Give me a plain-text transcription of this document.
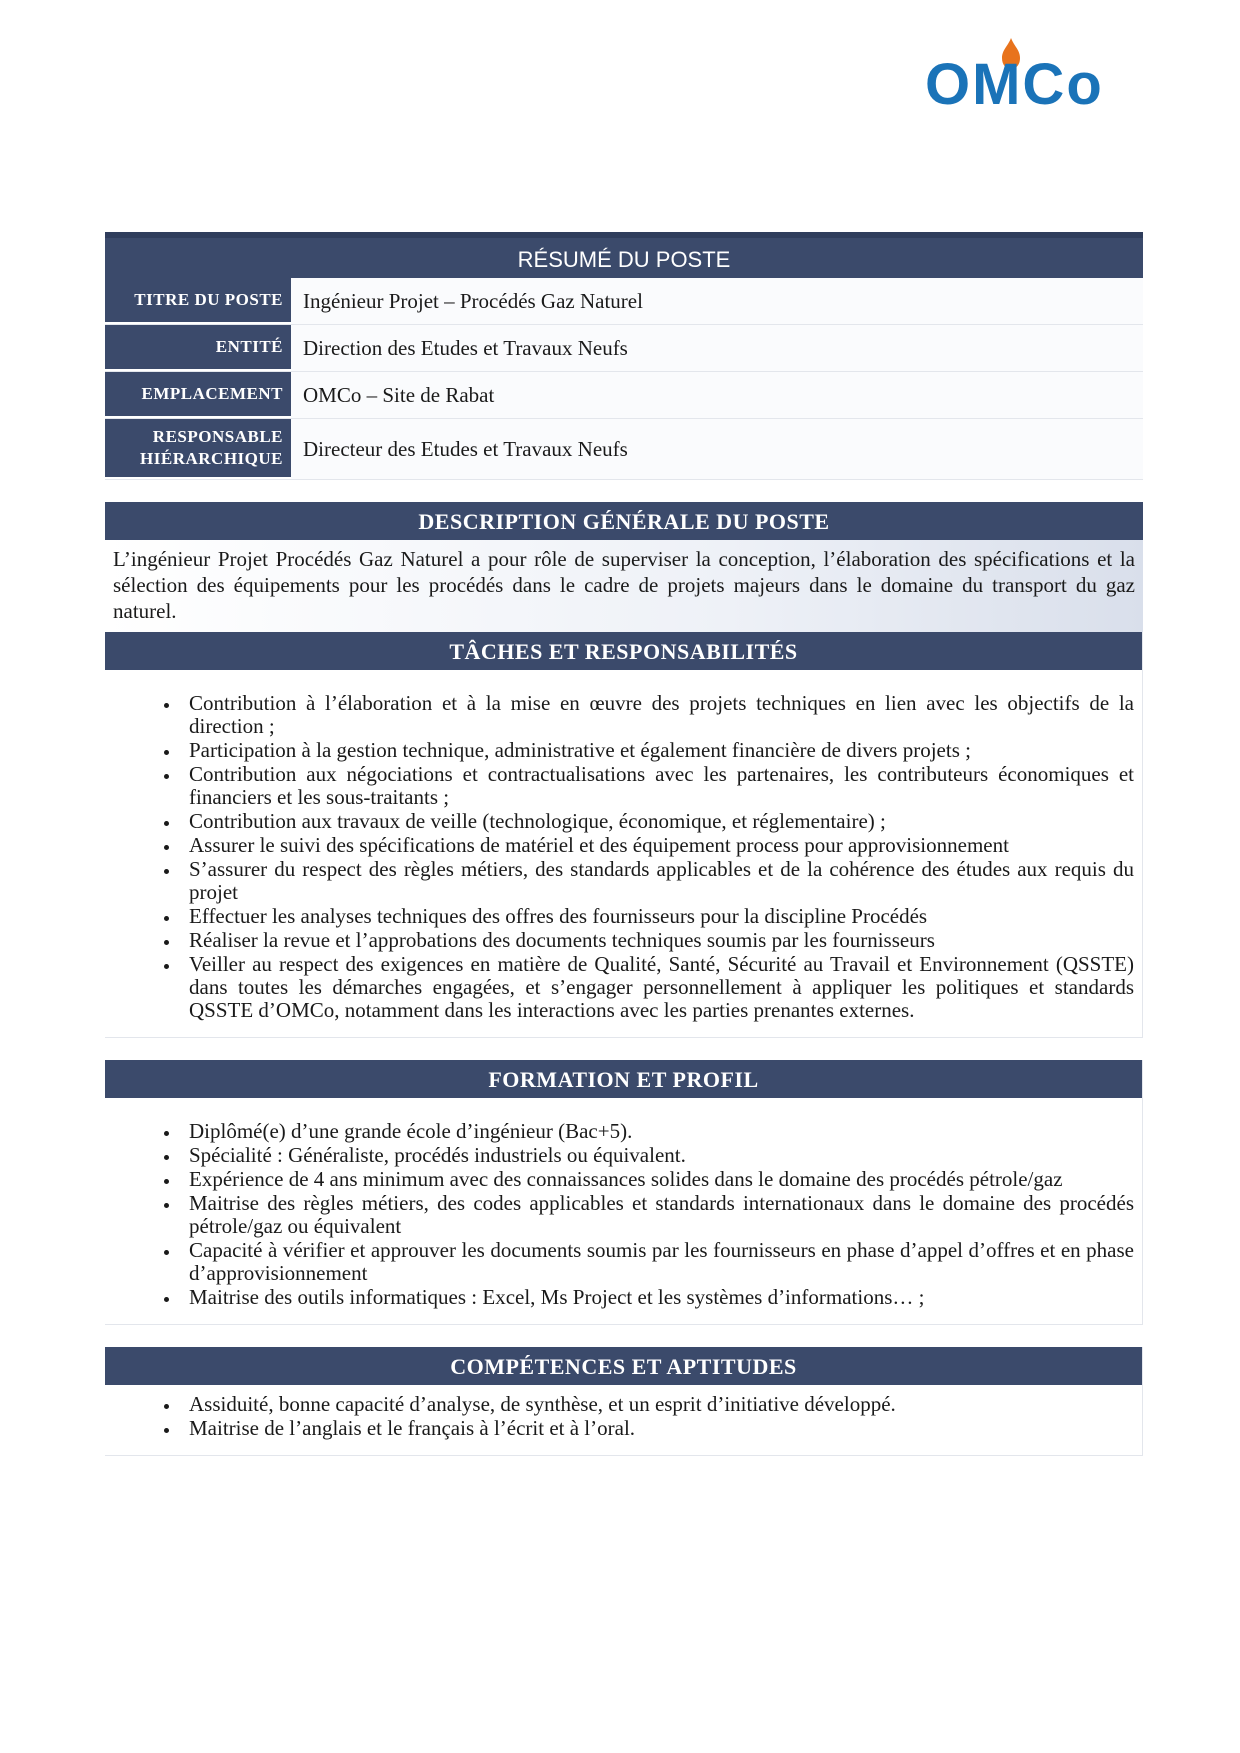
OMCo
RÉSUMÉ DU POSTE
TITRE DU POSTE Ingénieur Projet – Procédés Gaz Naturel
ENTITÉ Direction des Etudes et Travaux Neufs
EMPLACEMENT OMCo – Site de Rabat
RESPONSABLE HIÉRARCHIQUE Directeur des Etudes et Travaux Neufs
DESCRIPTION GÉNÉRALE DU POSTE
L’ingénieur Projet Procédés Gaz Naturel a pour rôle de superviser la conception, l’élaboration des spécifications et la sélection des équipements pour les procédés dans le cadre de projets majeurs dans le domaine du transport du gaz naturel.
TÂCHES ET RESPONSABILITÉS
• Contribution à l’élaboration et à la mise en œuvre des projets techniques en lien avec les objectifs de la direction ;
• Participation à la gestion technique, administrative et également financière de divers projets ;
• Contribution aux négociations et contractualisations avec les partenaires, les contributeurs économiques et financiers et les sous-traitants ;
• Contribution aux travaux de veille (technologique, économique, et réglementaire) ;
• Assurer le suivi des spécifications de matériel et des équipement process pour approvisionnement
• S’assurer du respect des règles métiers, des standards applicables et de la cohérence des études aux requis du projet
• Effectuer les analyses techniques des offres des fournisseurs pour la discipline Procédés
• Réaliser la revue et l’approbations des documents techniques soumis par les fournisseurs
• Veiller au respect des exigences en matière de Qualité, Santé, Sécurité au Travail et Environnement (QSSTE) dans toutes les démarches engagées, et s’engager personnellement à appliquer les politiques et standards QSSTE d’OMCo, notamment dans les interactions avec les parties prenantes externes.
FORMATION ET PROFIL
• Diplômé(e) d’une grande école d’ingénieur (Bac+5).
• Spécialité : Généraliste, procédés industriels ou équivalent.
• Expérience de 4 ans minimum avec des connaissances solides dans le domaine des procédés pétrole/gaz
• Maitrise des règles métiers, des codes applicables et standards internationaux dans le domaine des procédés pétrole/gaz ou équivalent
• Capacité à vérifier et approuver les documents soumis par les fournisseurs en phase d’appel d’offres et en phase d’approvisionnement
• Maitrise des outils informatiques : Excel, Ms Project et les systèmes d’informations… ;
COMPÉTENCES ET APTITUDES
• Assiduité, bonne capacité d’analyse, de synthèse, et un esprit d’initiative développé.
• Maitrise de l’anglais et le français à l’écrit et à l’oral.
